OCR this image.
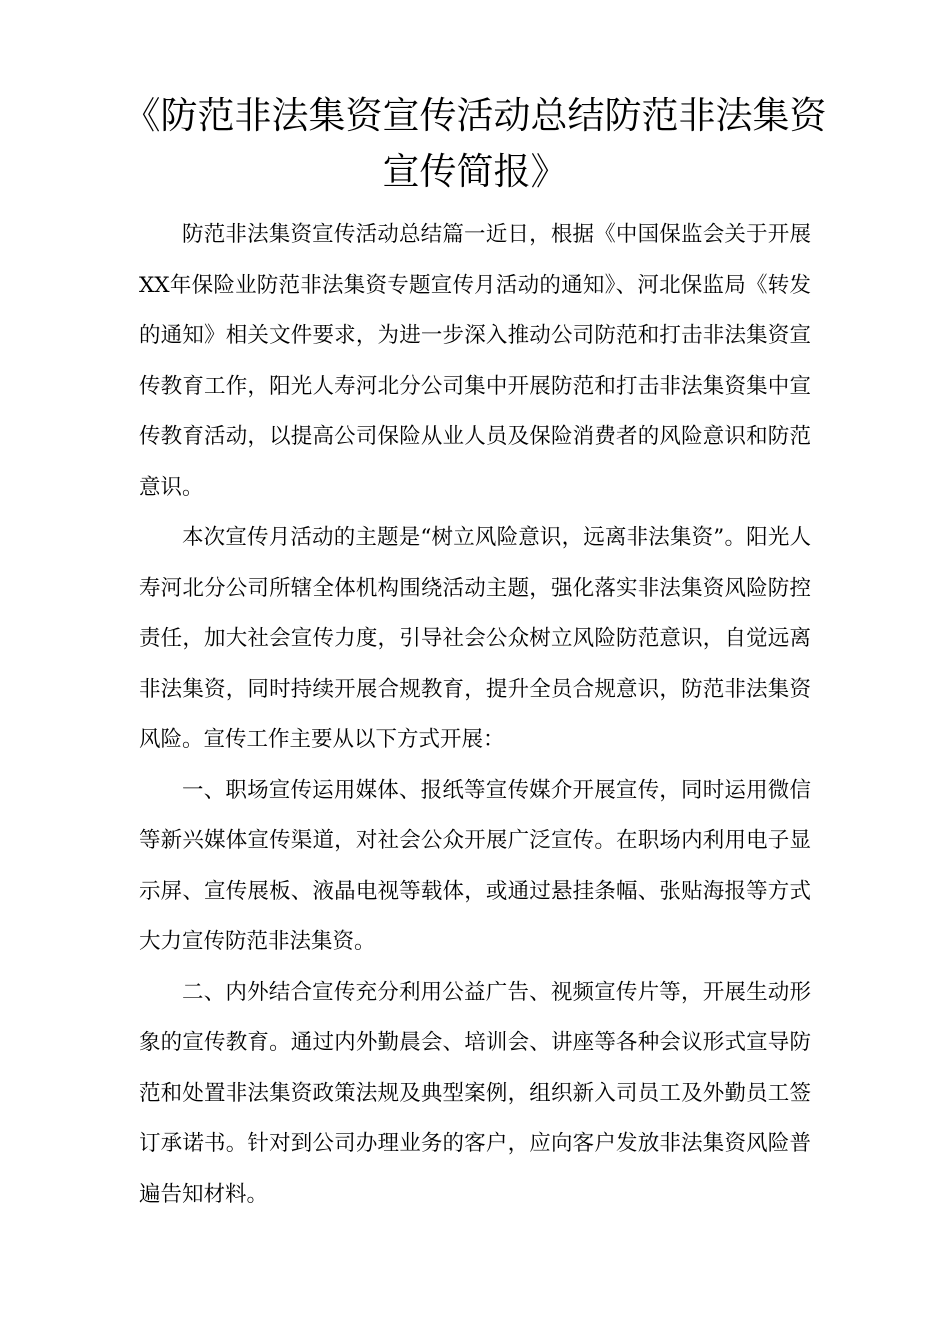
《防范非法集资宣传活动总结防范非法集资宣传简报》

防范非法集资宣传活动总结篇一近日，根据《中国保监会关于开展XX年保险业防范非法集资专题宣传月活动的通知》、河北保监局《转发的通知》相关文件要求，为进一步深入推动公司防范和打击非法集资宣传教育工作，阳光人寿河北分公司集中开展防范和打击非法集资集中宣传教育活动，以提高公司保险从业人员及保险消费者的风险意识和防范意识。

本次宣传月活动的主题是“树立风险意识，远离非法集资”。阳光人寿河北分公司所辖全体机构围绕活动主题，强化落实非法集资风险防控责任，加大社会宣传力度，引导社会公众树立风险防范意识，自觉远离非法集资，同时持续开展合规教育，提升全员合规意识，防范非法集资风险。宣传工作主要从以下方式开展：

一、职场宣传运用媒体、报纸等宣传媒介开展宣传，同时运用微信等新兴媒体宣传渠道，对社会公众开展广泛宣传。在职场内利用电子显示屏、宣传展板、液晶电视等载体，或通过悬挂条幅、张贴海报等方式大力宣传防范非法集资。

二、内外结合宣传充分利用公益广告、视频宣传片等，开展生动形象的宣传教育。通过内外勤晨会、培训会、讲座等各种会议形式宣导防范和处置非法集资政策法规及典型案例，组织新入司员工及外勤员工签订承诺书。针对到公司办理业务的客户，应向客户发放非法集资风险普遍告知材料。
